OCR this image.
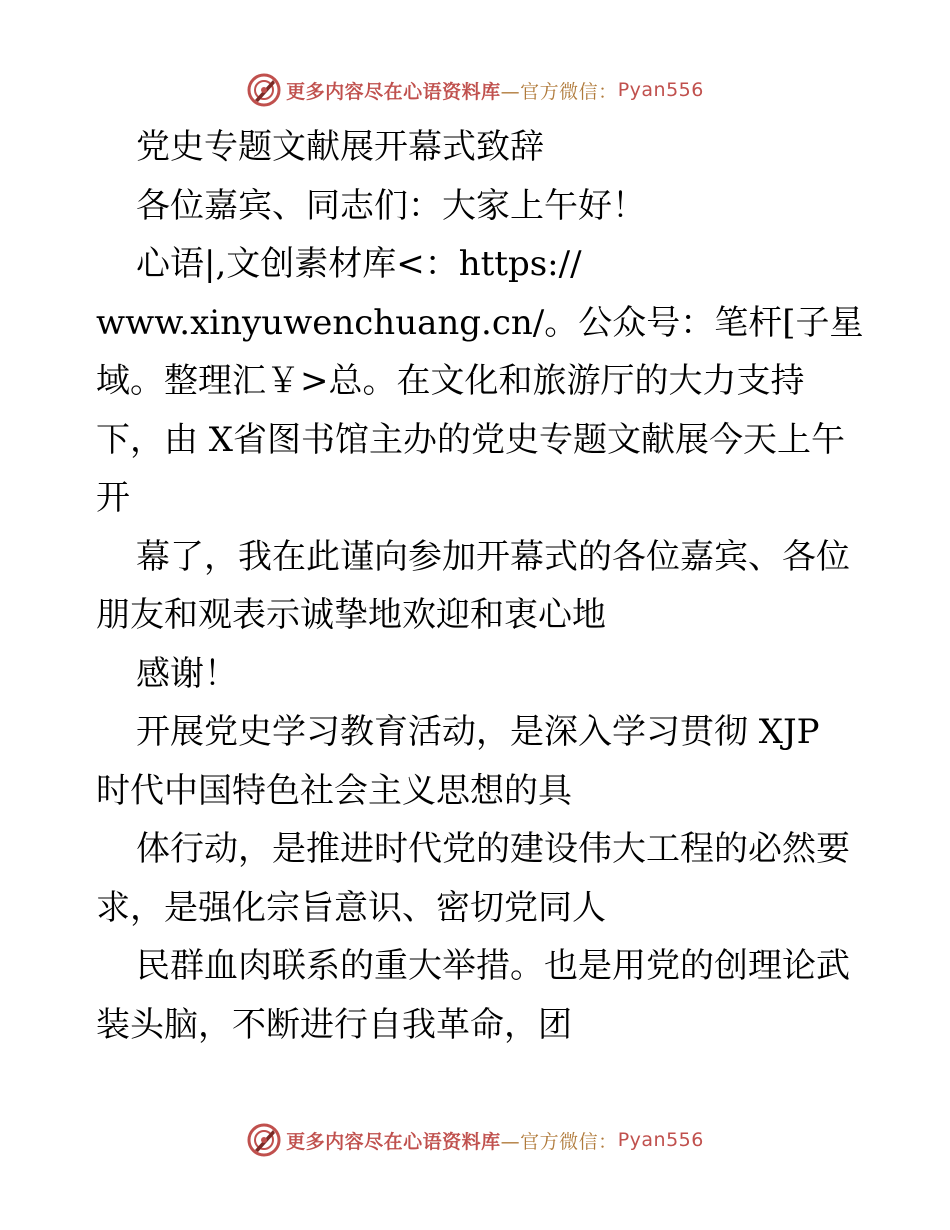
更多内容尽在心语资料库 —官方微信： Pyan556
党史专题文献展开幕式致辞
各位嘉宾、同志们：大家上午好！
心语|,文创素材库<：https://
www.xinyuwenchuang.cn/。公众号：笔杆[子星
域。整理汇￥>总。在文化和旅游厅的大力支持
下，由 X省图书馆主办的党史专题文献展今天上午
开
幕了，我在此谨向参加开幕式的各位嘉宾、各位
朋友和观表示诚挚地欢迎和衷心地
感谢！
开展党史学习教育活动，是深入学习贯彻 XJP
时代中国特色社会主义思想的具
体行动，是推进时代党的建设伟大工程的必然要
求，是强化宗旨意识、密切党同人
民群血肉联系的重大举措。也是用党的创理论武
装头脑，不断进行自我革命，团
更多内容尽在心语资料库 —官方微信： Pyan556
